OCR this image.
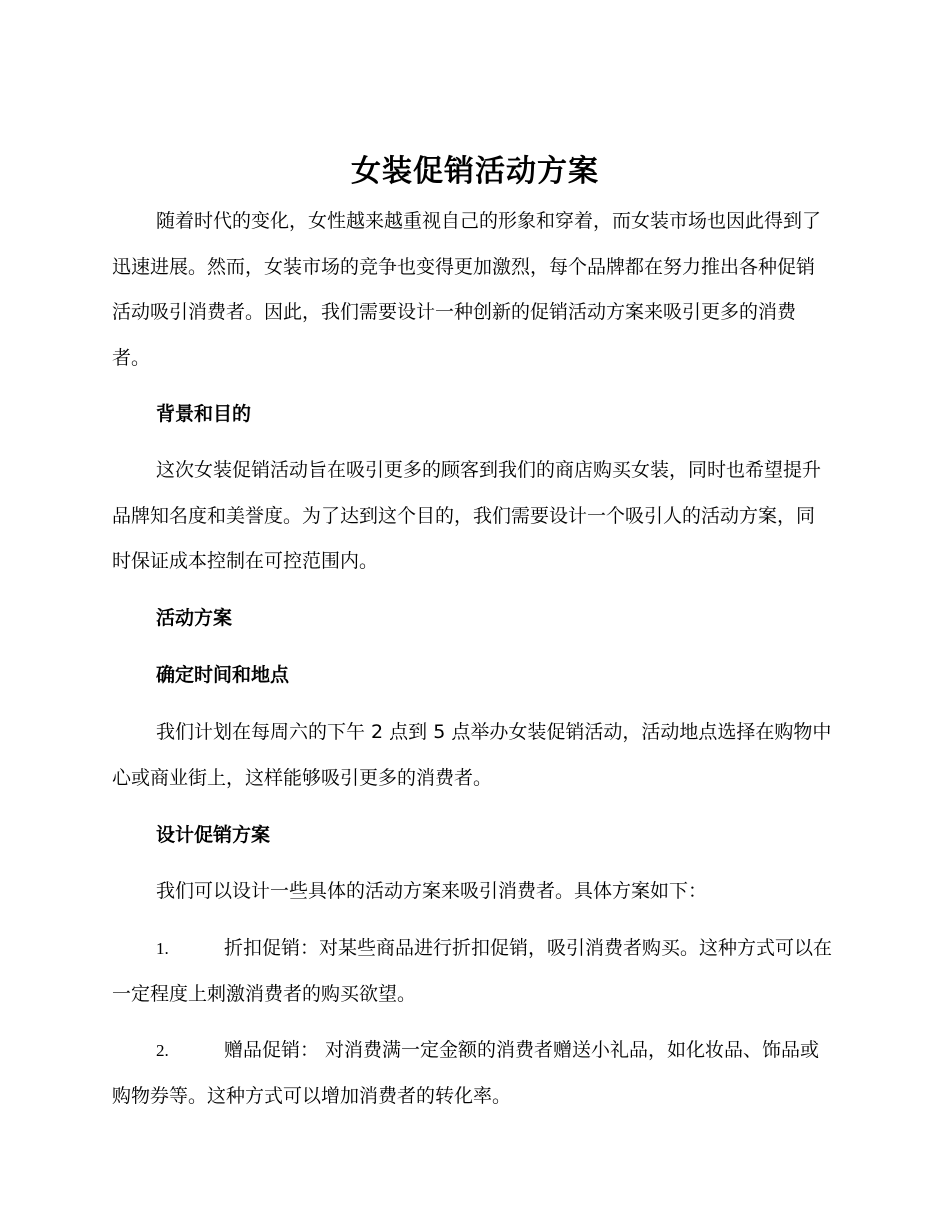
女装促销活动方案

随着时代的变化，女性越来越重视自己的形象和穿着，而女装市场也因此得到了迅速进展。然而，女装市场的竞争也变得更加激烈，每个品牌都在努力推出各种促销活动吸引消费者。因此，我们需要设计一种创新的促销活动方案来吸引更多的消费者。

背景和目的

这次女装促销活动旨在吸引更多的顾客到我们的商店购买女装，同时也希望提升品牌知名度和美誉度。为了达到这个目的，我们需要设计一个吸引人的活动方案，同时保证成本控制在可控范围内。

活动方案
确定时间和地点

我们计划在每周六的下午 2 点到 5 点举办女装促销活动，活动地点选择在购物中心或商业街上，这样能够吸引更多的消费者。

设计促销方案

我们可以设计一些具体的活动方案来吸引消费者。具体方案如下：

1.	折扣促销：对某些商品进行折扣促销，吸引消费者购买。这种方式可以在一定程度上刺激消费者的购买欲望。

2.	赠品促销： 对消费满一定金额的消费者赠送小礼品，如化妆品、饰品或购物券等。这种方式可以增加消费者的转化率。
